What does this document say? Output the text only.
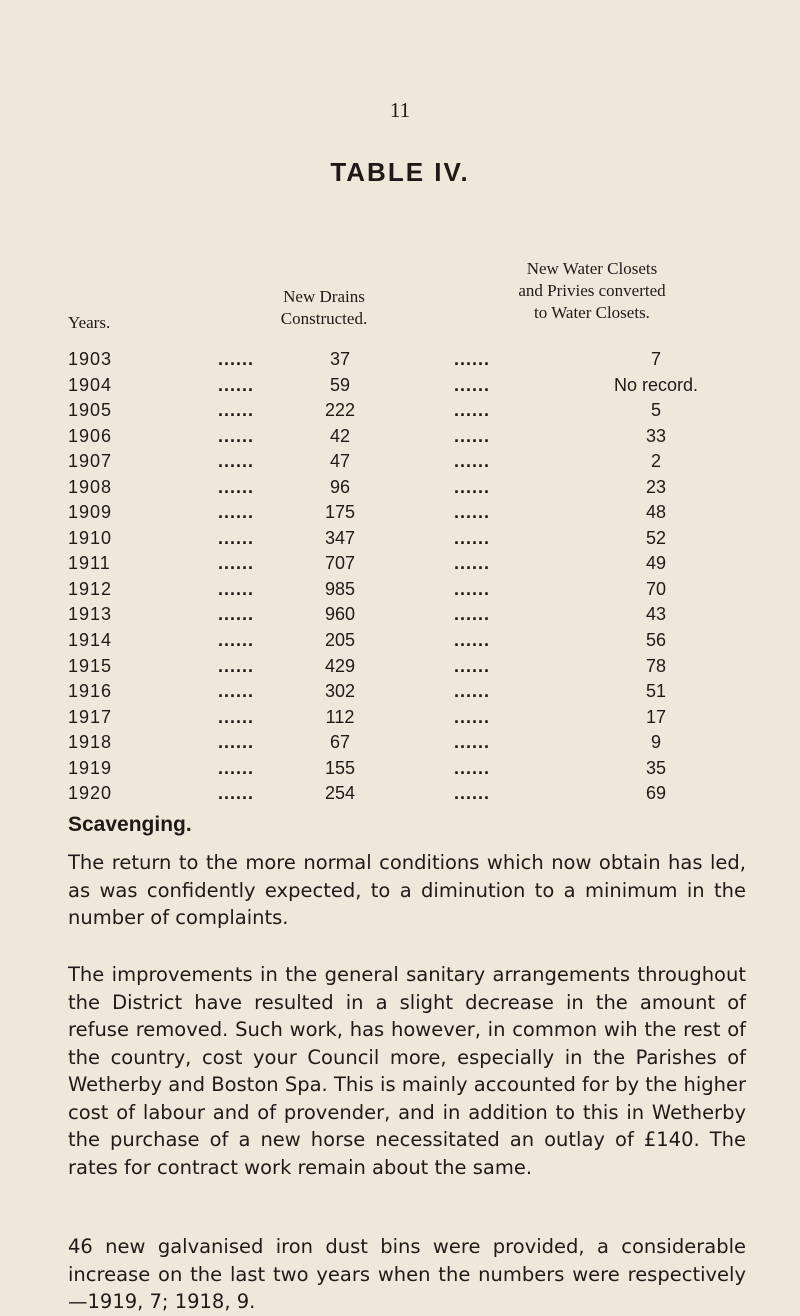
11
TABLE IV.
Years.
New Drains
Constructed.
New Water Closets
and Privies converted
to Water Closets.
1903	......	37	......	7
1904	......	59	......	No record.
1905	......	222	......	5
1906	......	42	......	33
1907	......	47	......	2
1908	......	96	......	23
1909	......	175	......	48
1910	......	347	......	52
1911	......	707	......	49
1912	......	985	......	70
1913	......	960	......	43
1914	......	205	......	56
1915	......	429	......	78
1916	......	302	......	51
1917	......	112	......	17
1918	......	67	......	9
1919	......	155	......	35
1920	......	254	......	69
Scavenging.

The return to the more normal conditions which now obtain has led, as was confidently expected, to a diminution to a minimum in the number of complaints.

The improvements in the general sanitary arrangements throughout the District have resulted in a slight decrease in the amount of refuse removed. Such work, has however, in common wih the rest of the country, cost your Council more, especially in the Parishes of Wetherby and Boston Spa. This is mainly accounted for by the higher cost of labour and of provender, and in addition to this in Wetherby the purchase of a new horse necessitated an outlay of £140. The rates for contract work remain about the same.

46 new galvanised iron dust bins were provided, a considerable increase on the last two years when the numbers were respectively—1919, 7; 1918, 9.
